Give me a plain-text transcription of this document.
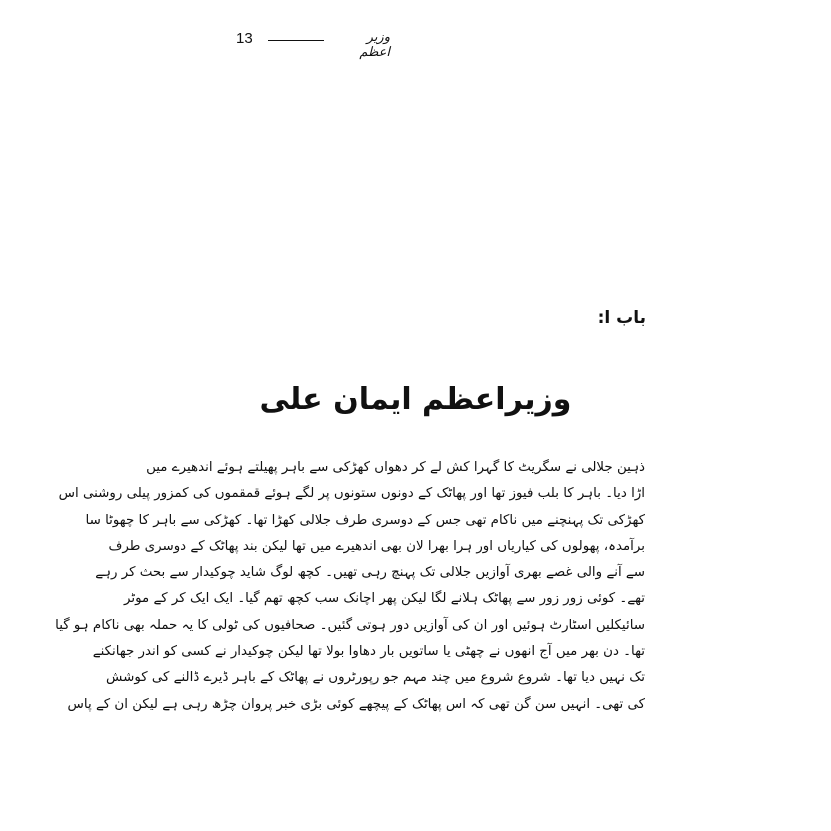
13	وزیر اعظم
باب ا:
وزیراعظم ایمان علی
ذہین جلالی نے سگریٹ کا گہرا کش لے کر دھواں کھڑکی سے باہر پھیلتے ہوئے اندھیرے میں
اڑا دیا۔ باہر کا بلب فیوز تھا اور پھاٹک کے دونوں ستونوں پر لگے ہوئے قمقموں کی کمزور پیلی روشنی اس
کھڑکی تک پہنچنے میں ناکام تھی جس کے دوسری طرف جلالی کھڑا تھا۔ کھڑکی سے باہر کا چھوٹا سا
برآمدہ، پھولوں کی کیاریاں اور ہرا بھرا لان بھی اندھیرے میں تھا لیکن بند پھاٹک کے دوسری طرف
سے آنے والی غصے بھری آوازیں جلالی تک پہنچ رہی تھیں۔ کچھ لوگ شاید چوکیدار سے بحث کر رہے
تھے۔ کوئی زور زور سے پھاٹک ہلانے لگا لیکن پھر اچانک سب کچھ تھم گیا۔ ایک ایک کر کے موٹر
سائیکلیں اسٹارٹ ہوئیں اور ان کی آوازیں دور ہوتی گئیں۔ صحافیوں کی ٹولی کا یہ حملہ بھی ناکام ہو گیا
تھا۔ دن بھر میں آج انھوں نے چھٹی یا ساتویں بار دھاوا بولا تھا لیکن چوکیدار نے کسی کو اندر جھانکنے
تک نہیں دیا تھا۔ شروع شروع میں چند مہم جو رپورٹروں نے پھاٹک کے باہر ڈیرے ڈالنے کی کوشش
کی تھی۔ انہیں سن گن تھی کہ اس پھاٹک کے پیچھے کوئی بڑی خبر پروان چڑھ رہی ہے لیکن ان کے پاس
